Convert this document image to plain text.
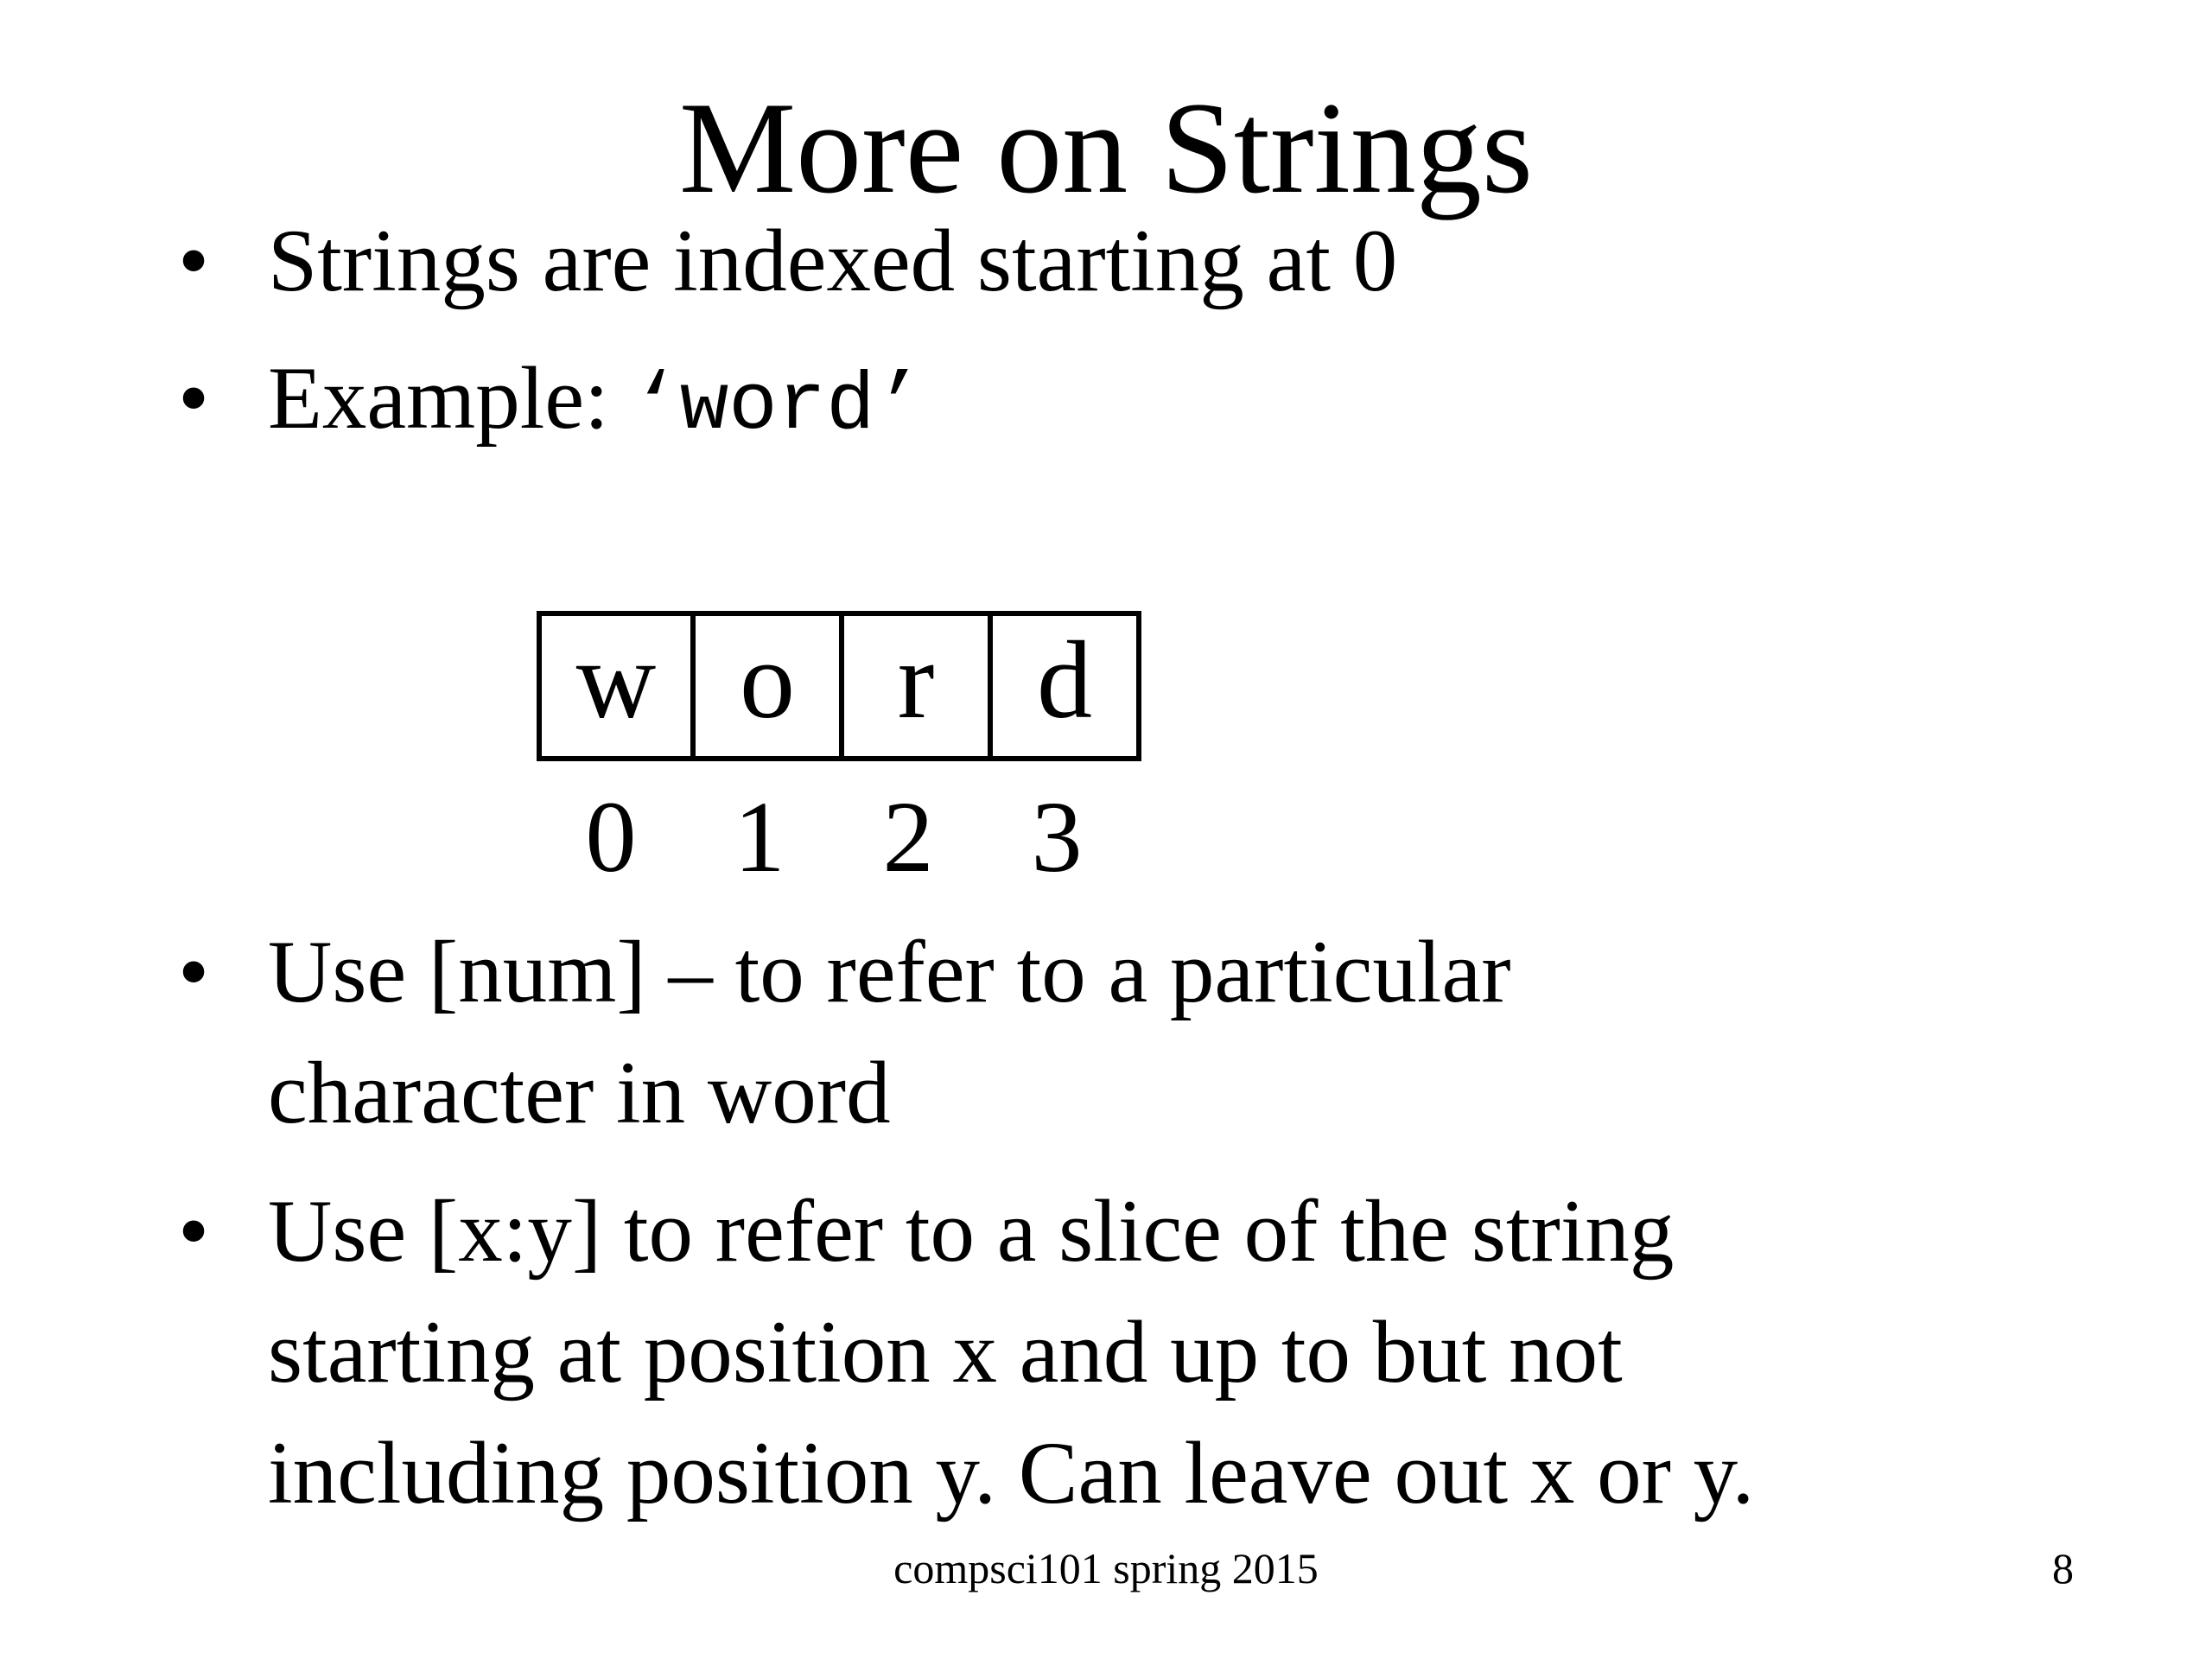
More on Strings
• Strings are indexed starting at 0
• Example: ‘word’
w o r d
0 1 2 3
• Use [num] – to refer to a particular
character in word
• Use [x:y] to refer to a slice of the string
starting at position x and up to but not
including position y. Can leave out x or y.
compsci101 spring 2015	8
